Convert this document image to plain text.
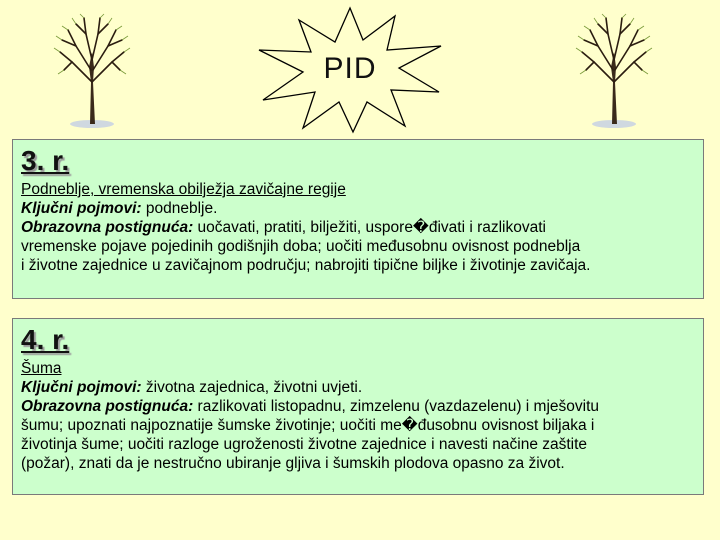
PID
3. r.

Podneblje, vremenska obilježja zavičajne regije

Ključni pojmovi: podneblje.

Obrazovna postignuća: uočavati, pratiti, bilježiti, uspore�đivati i razlikovati

vremenske pojave pojedinih godišnjih doba; uočiti međusobnu ovisnost podneblja

i životne zajednice u zavičajnom području; nabrojiti tipične biljke i životinje zavičaja.

4. r.

Šuma

Ključni pojmovi: životna zajednica, životni uvjeti.

Obrazovna postignuća: razlikovati listopadnu, zimzelenu (vazdazelenu) i mješovitu

šumu; upoznati najpoznatije šumske životinje; uočiti me�đusobnu ovisnost biljaka i

životinja šume; uočiti razloge ugroženosti životne zajednice i navesti načine zaštite

(požar), znati da je nestručno ubiranje gljiva i šumskih plodova opasno za život.
